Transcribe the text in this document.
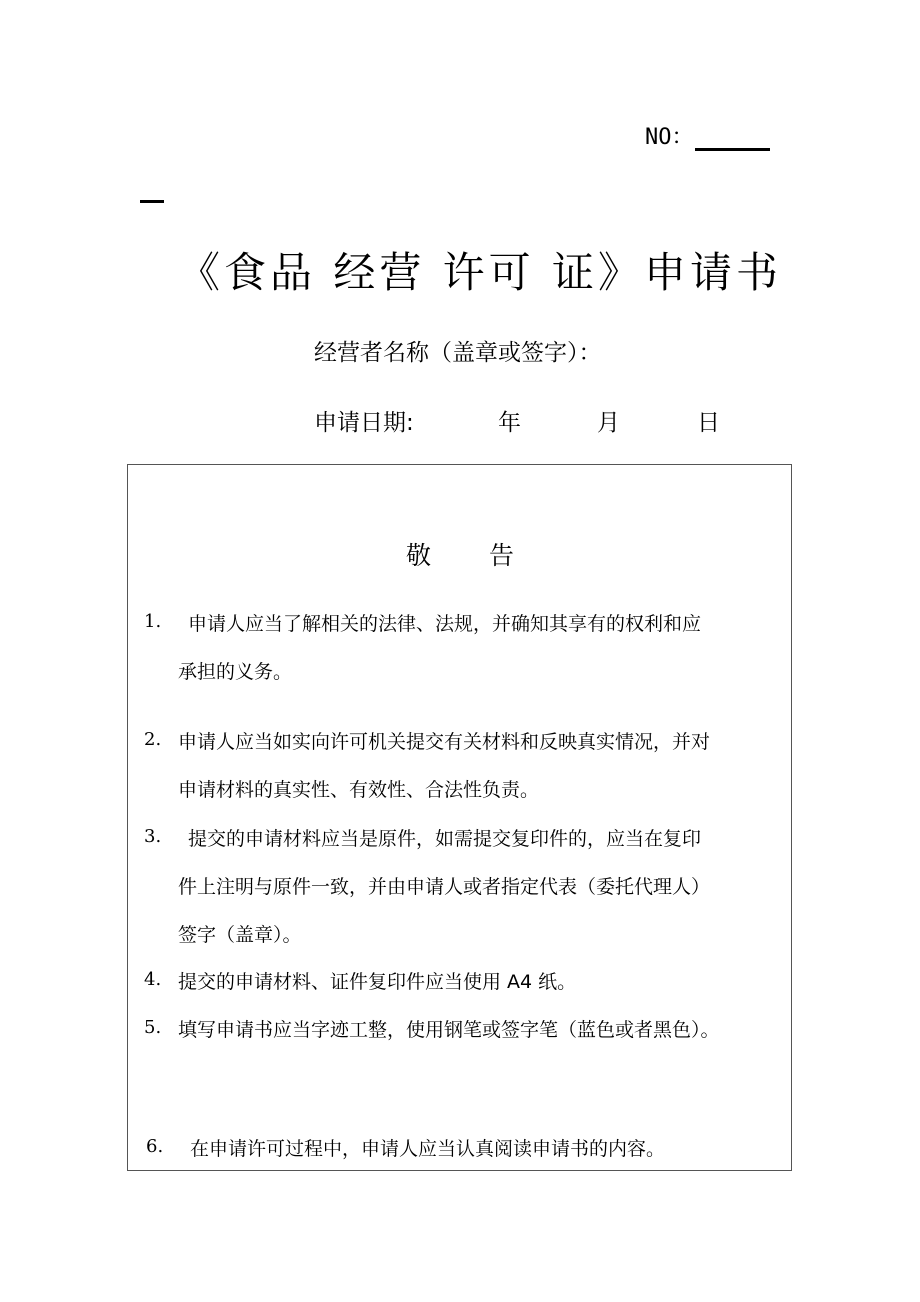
NO：
《食品 经营 许可 证》申请书
经营者名称（盖章或签字）：
申请日期:	年	月	日
敬告
1. 申请人应当了解相关的法律、法规，并确知其享有的权利和应
承担的义务。
2. 申请人应当如实向许可机关提交有关材料和反映真实情况，并对
申请材料的真实性、有效性、合法性负责。
3. 提交的申请材料应当是原件，如需提交复印件的，应当在复印
件上注明与原件一致，并由申请人或者指定代表（委托代理人）
签字（盖章）。
4. 提交的申请材料、证件复印件应当使用 A4 纸。
5. 填写申请书应当字迹工整，使用钢笔或签字笔（蓝色或者黑色）。
6. 在申请许可过程中，申请人应当认真阅读申请书的内容。
